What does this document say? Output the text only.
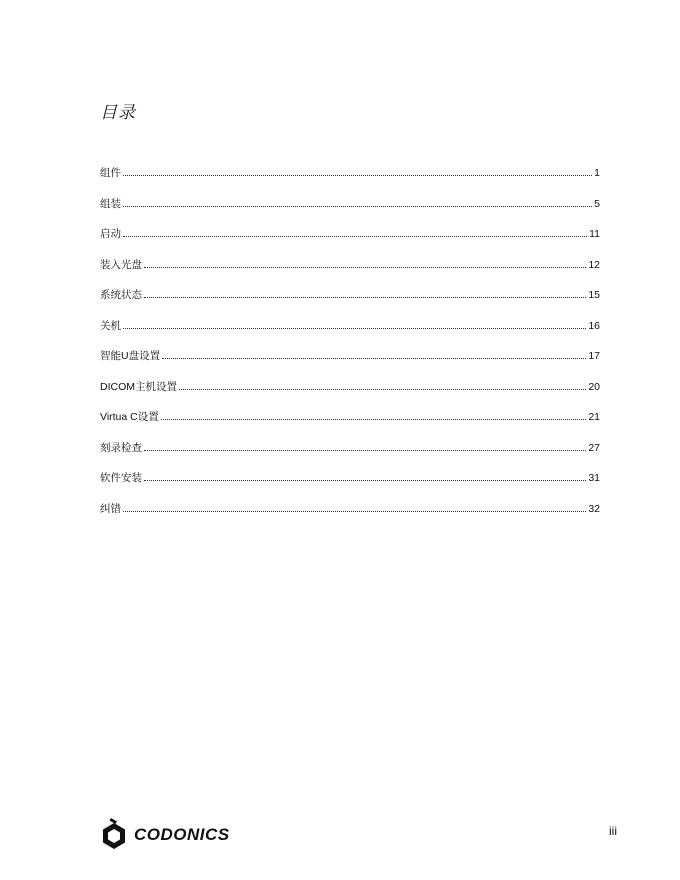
目录
组件	1
组装	5
启动	11
装入光盘	12
系统状态	15
关机	16
智能U盘设置	17
DICOM主机设置	20
Virtua C设置	21
刻录检查	27
软件安装	31
纠错	32
CODONICS	iii
